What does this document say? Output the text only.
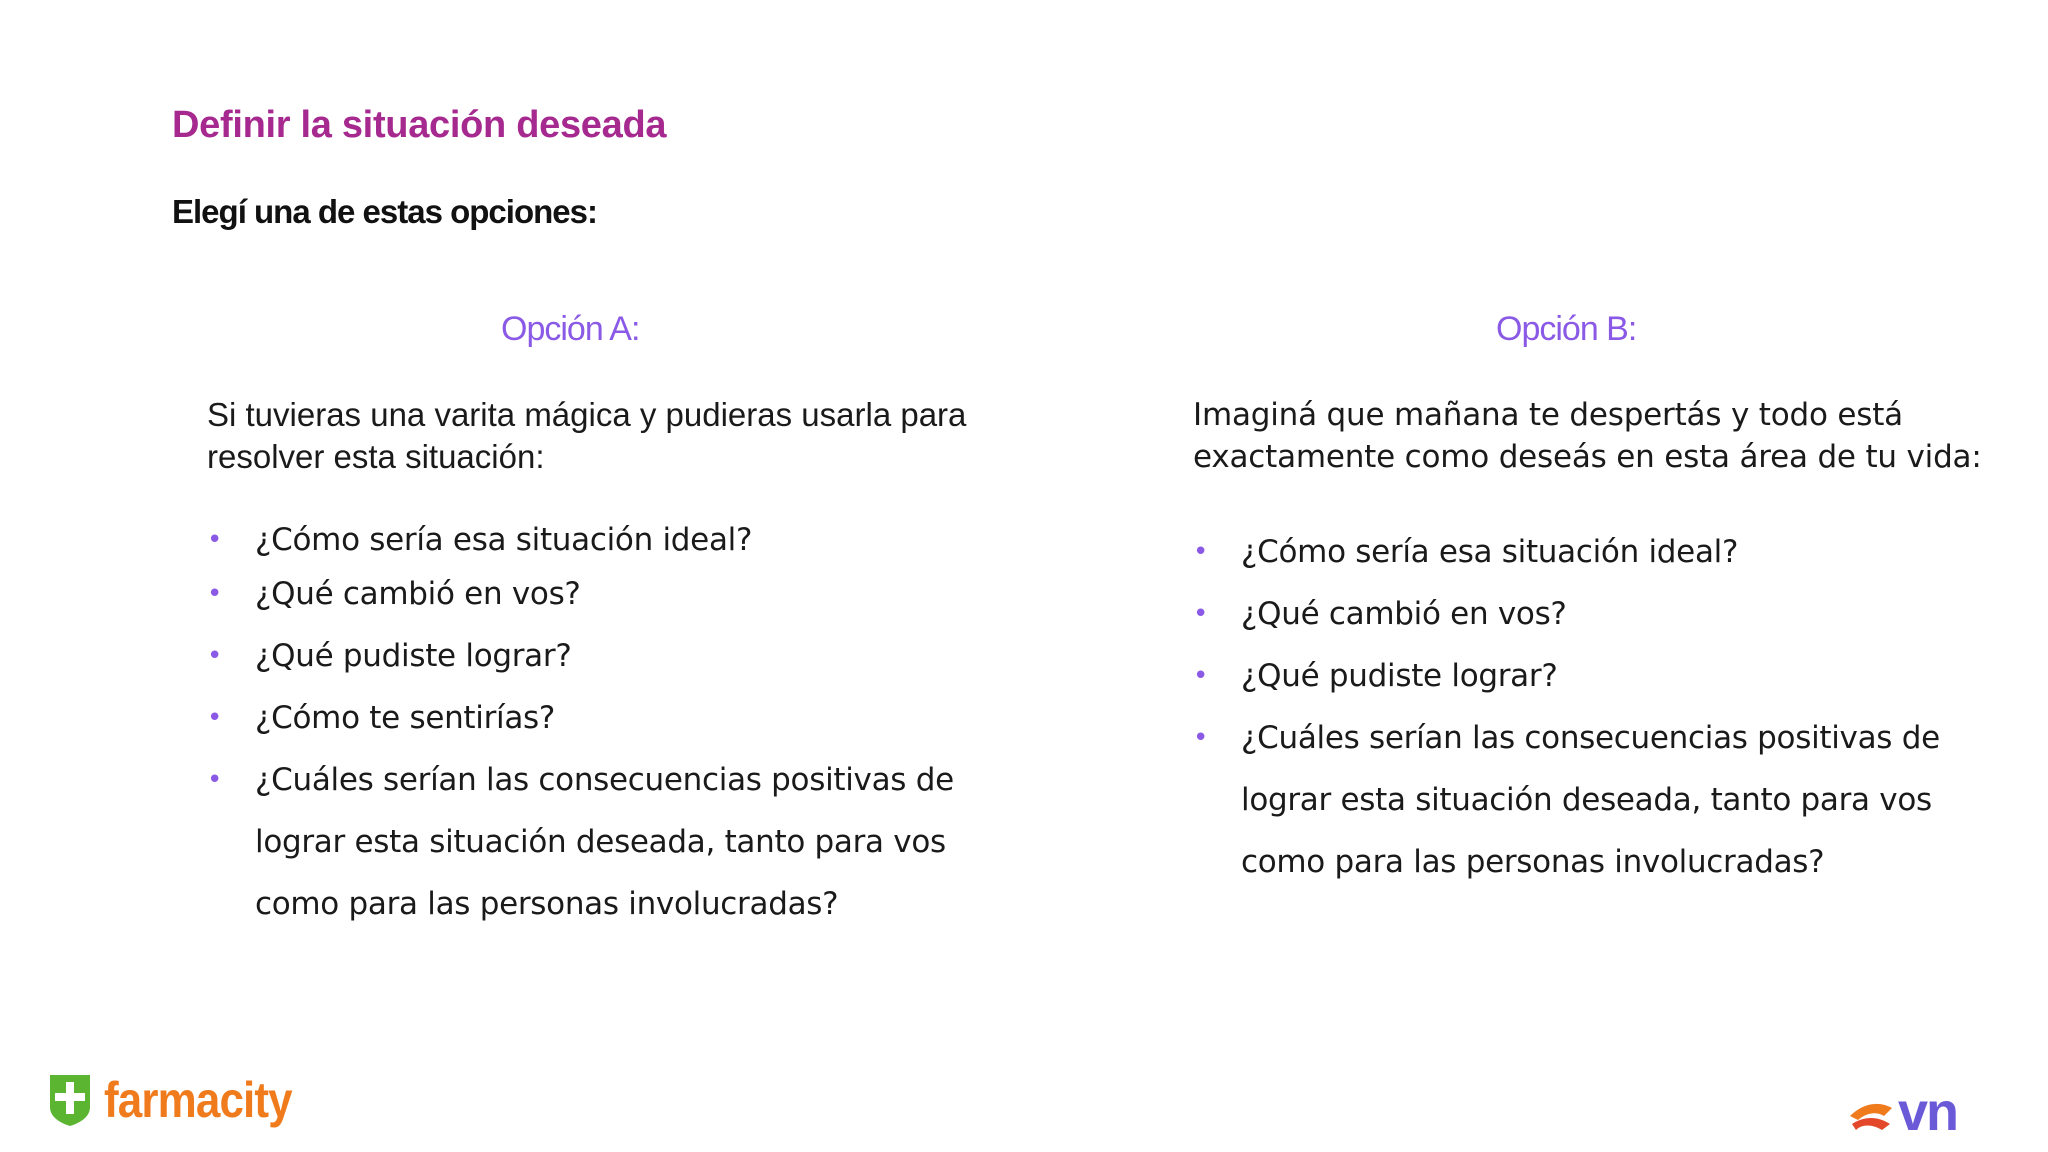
Definir la situación deseada
Elegí una de estas opciones:
Opción A:
Si tuvieras una varita mágica y pudieras usarla para resolver esta situación:
• ¿Cómo sería esa situación ideal?
• ¿Qué cambió en vos?
• ¿Qué pudiste lograr?
• ¿Cómo te sentirías?
• ¿Cuáles serían las consecuencias positivas de lograr esta situación deseada, tanto para vos como para las personas involucradas?
Opción B:
Imaginá que mañana te despertás y todo está exactamente como deseás en esta área de tu vida:
• ¿Cómo sería esa situación ideal?
• ¿Qué cambió en vos?
• ¿Qué pudiste lograr?
• ¿Cuáles serían las consecuencias positivas de lograr esta situación deseada, tanto para vos como para las personas involucradas?
farmacity	vn
